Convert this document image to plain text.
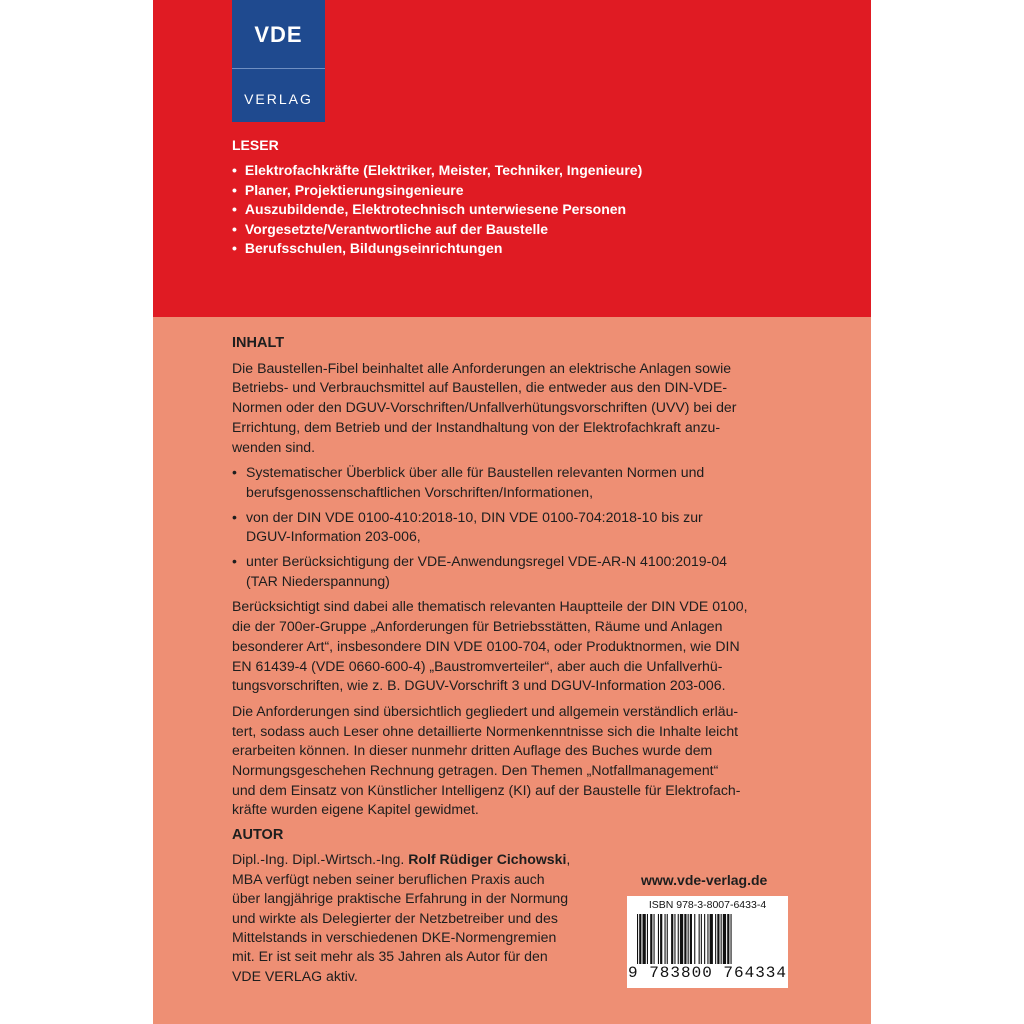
VDE
VERLAG
LESER
• Elektrofachkräfte (Elektriker, Meister, Techniker, Ingenieure)
• Planer, Projektierungsingenieure
• Auszubildende, Elektrotechnisch unterwiesene Personen
• Vorgesetzte/Verantwortliche auf der Baustelle
• Berufsschulen, Bildungseinrichtungen
INHALT

Die Baustellen-Fibel beinhaltet alle Anforderungen an elektrische Anlagen sowie
Betriebs- und Verbrauchsmittel auf Baustellen, die entweder aus den DIN-VDE-
Normen oder den DGUV-Vorschriften/Unfallverhütungsvorschriften (UVV) bei der
Errichtung, dem Betrieb und der Instandhaltung von der Elektrofachkraft anzu-
wenden sind.

• Systematischer Überblick über alle für Baustellen relevanten Normen und
berufsgenossenschaftlichen Vorschriften/Informationen,
• von der DIN VDE 0100-410:2018-10, DIN VDE 0100-704:2018-10 bis zur
DGUV-Information 203-006,
• unter Berücksichtigung der VDE-Anwendungsregel VDE-AR-N 4100:2019-04
(TAR Niederspannung)

Berücksichtigt sind dabei alle thematisch relevanten Hauptteile der DIN VDE 0100,
die der 700er-Gruppe „Anforderungen für Betriebsstätten, Räume und Anlagen
besonderer Art“, insbesondere DIN VDE 0100-704, oder Produktnormen, wie DIN
EN 61439-4 (VDE 0660-600-4) „Baustromverteiler“, aber auch die Unfallverhü-
tungsvorschriften, wie z. B. DGUV-Vorschrift 3 und DGUV-Information 203-006.

Die Anforderungen sind übersichtlich gegliedert und allgemein verständlich erläu-
tert, sodass auch Leser ohne detaillierte Normenkenntnisse sich die Inhalte leicht
erarbeiten können. In dieser nunmehr dritten Auflage des Buches wurde dem
Normungsgeschehen Rechnung getragen. Den Themen „Notfallmanagement“
und dem Einsatz von Künstlicher Intelligenz (KI) auf der Baustelle für Elektrofach-
kräfte wurden eigene Kapitel gewidmet.

AUTOR
Dipl.-Ing. Dipl.-Wirtsch.-Ing. Rolf Rüdiger Cichowski,
MBA verfügt neben seiner beruflichen Praxis auch
über langjährige praktische Erfahrung in der Normung
und wirkte als Delegierter der Netzbetreiber und des
Mittelstands in verschiedenen DKE-Normengremien
mit. Er ist seit mehr als 35 Jahren als Autor für den
VDE VERLAG aktiv.
www.vde-verlag.de
ISBN 978-3-8007-6433-4
9 783800 764334
